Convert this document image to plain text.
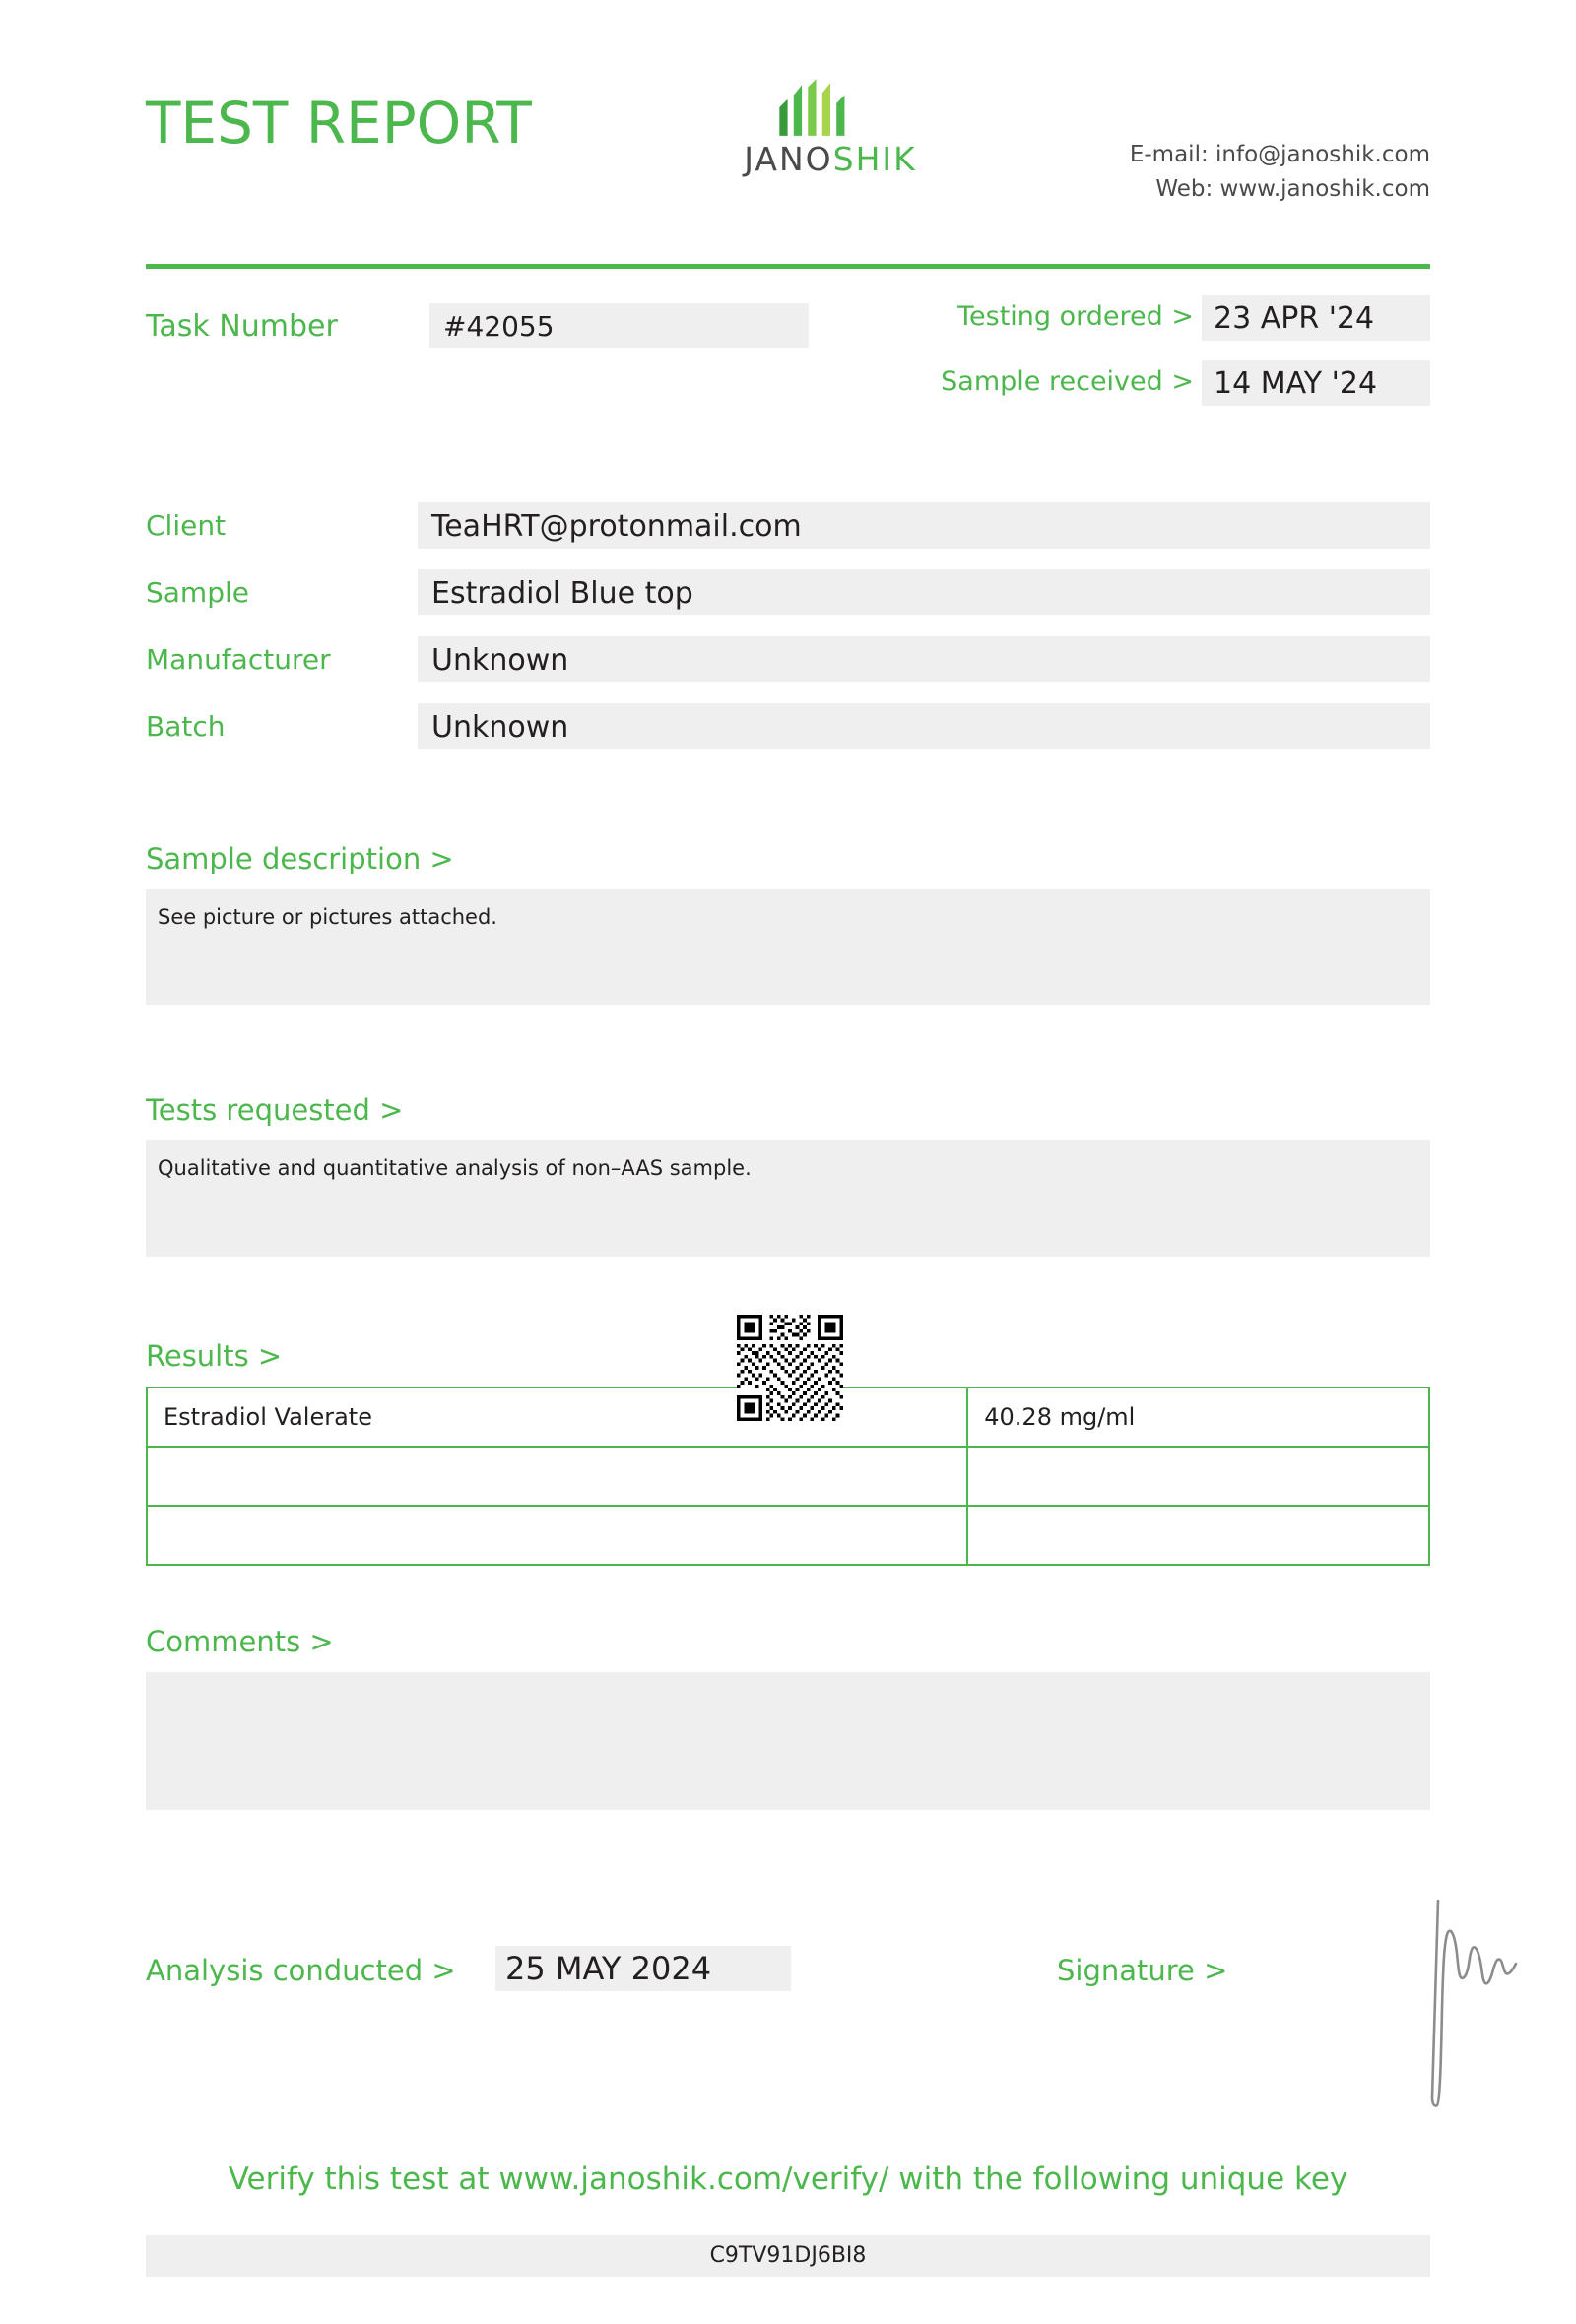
TEST REPORT
JANOSHIK	E-mail: info@janoshik.com
Web: www.janoshik.com
Task Number	#42055	Testing ordered > 23 APR '24
Sample received > 14 MAY '24
Client	TeaHRT@protonmail.com
Sample	Estradiol Blue top
Manufacturer	Unknown
Batch	Unknown
Sample description >
See picture or pictures attached.
Tests requested >
Qualitative and quantitative analysis of non–AAS sample.
Results >
Estradiol Valerate	40.28 mg/ml

Comments >
Analysis conducted >	25 MAY 2024	Signature >
Verify this test at www.janoshik.com/verify/ with the following unique key
C9TV91DJ6BI8
